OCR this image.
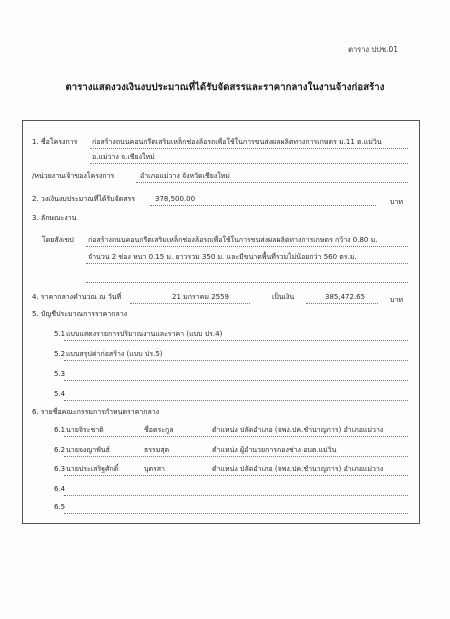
ตาราง ปปช.01
ตารางแสดงวงเงินงบประมาณที่ได้รับจัดสรรและราคากลางในงานจ้างก่อสร้าง
1. ชื่อโครงการ ก่อสร้างถนนคอนกรีตเสริมเหล็กช่องล้อรถเพื่อใช้ในการขนส่งผลผลิตทางการเกษตร ม.11 ต.แม่วิน
อ.แม่วาง จ.เชียงใหม่
/หน่วยงานเจ้าของโครงการ	อำเภอแม่วาง จังหวัดเชียงใหม่
2. วงเงินงบประมาณที่ได้รับจัดสรร	378,500.00	บาท
3. ลักษณะงาน
โดยสังเขป ก่อสร้างถนนคอนกรีตเสริมเหล็กช่องล้อรถเพื่อใช้ในการขนส่งผลผลิตทางการเกษตร กว้าง 0.80 ม.
จำนวน 2 ช่อง หนา 0.15 ม. ยาวรวม 350 ม. และมีขนาดพื้นที่รวมไม่น้อยกว่า 560 ตร.ม.
4. ราคากลางคำนวณ ณ วันที่	21 มกราคม 2559	เป็นเงิน	385,472.65	บาท
5. บัญชีประมาณการราคากลาง
5.1 แบบแสดงรายการปริมาณงานและราคา (แบบ ปร.4)
5.2 แบบสรุปค่าก่อสร้าง (แบบ ปร.5)
5.3
5.4
6. รายชื่อคณะกรรมการกำหนดราคากลาง
6.1 นายจิระชาติ	ชื่อตระกูล	ตำแหน่ง ปลัดอำเภอ (จพง.ปค.ชำนาญการ) อำเภอแม่วาง
6.2 นายจงญาพันธ์	ธรรมสุด	ตำแหน่ง ผู้อำนวยการกองช่าง อบต.แม่วิน
6.3 นายประเสริฐศักดิ์	บุตรสา	ตำแหน่ง ปลัดอำเภอ (จพง.ปค.ชำนาญการ) อำเภอแม่วาง
6.4
6.5
